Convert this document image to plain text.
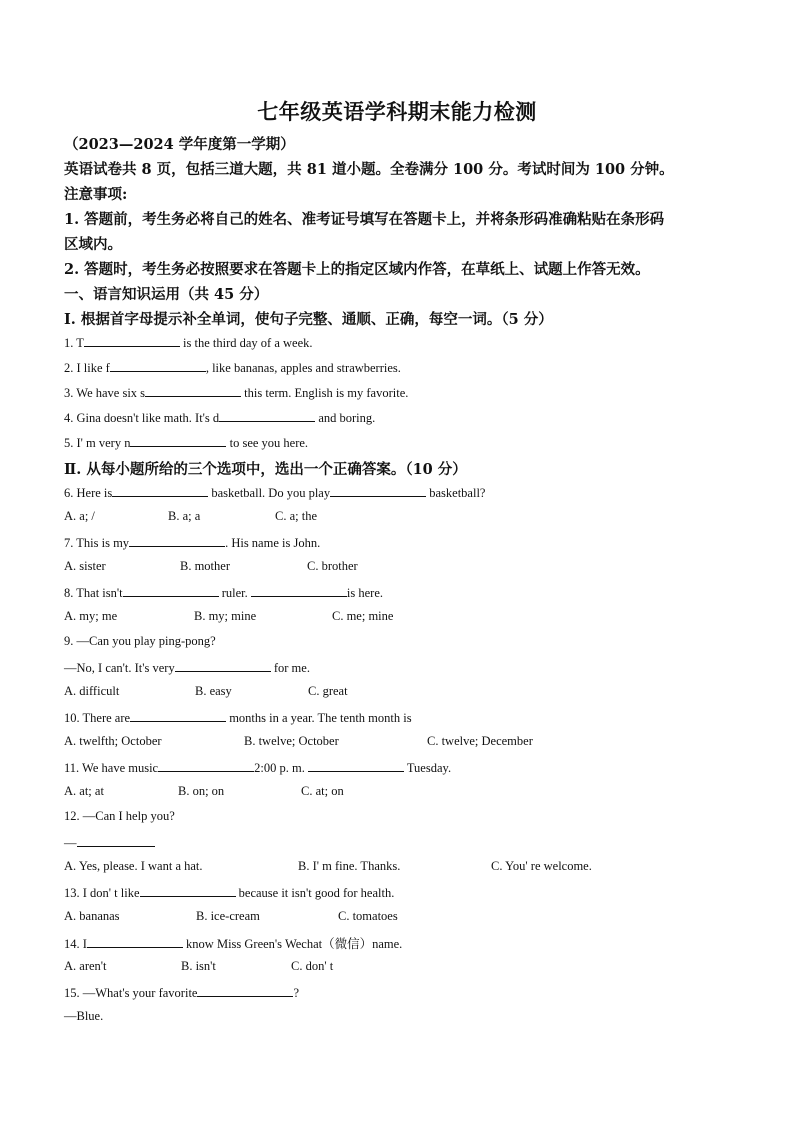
七年级英语学科期末能力检测
（2023—2024 学年度第一学期）
英语试卷共 8 页，包括三道大题，共 81 道小题。全卷满分 100 分。考试时间为 100 分钟。
注意事项:
1. 答题前，考生务必将自己的姓名、准考证号填写在答题卡上，并将条形码准确粘贴在条形码
区域内。
2. 答题时，考生务必按照要求在答题卡上的指定区域内作答，在草纸上、试题上作答无效。
一、语言知识运用（共 45 分）
I. 根据首字母提示补全单词，使句子完整、通顺、正确，每空一词。（5 分）
1. T	is the third day of a week.
2. I like f	, like bananas, apples and strawberries.
3. We have six s	this term. English is my favorite.
4. Gina doesn't like math. It's d	and boring.
5. I' m very n	to see you here.
Ⅱ. 从每小题所给的三个选项中，选出一个正确答案。（10 分）
6. Here is	basketball. Do you play	basketball?
A. a; /	B. a; a	C. a; the
7. This is my	. His name is John.
A. sister	B. mother	C. brother
8. That isn't	ruler.	is here.
A. my; me	B. my; mine	C. me; mine
9. —Can you play ping-pong?
—No, I can't. It's very	for me.
A. difficult	B. easy	C. great
10. There are	months in a year. The tenth month is
A. twelfth; October	B. twelve; October	C. twelve; December
11. We have music	2:00 p. m.	Tuesday.
A. at; at	B. on; on	C. at; on
12. —Can I help you?
—
A. Yes, please. I want a hat.	B. I' m fine. Thanks.	C. You' re welcome.
13. I don' t like	because it isn't good for health.
A. bananas	B. ice-cream	C. tomatoes
14. I	know Miss Green's Wechat（微信）name.
A. aren't	B. isn't	C. don' t
15. —What's your favorite	?
—Blue.
